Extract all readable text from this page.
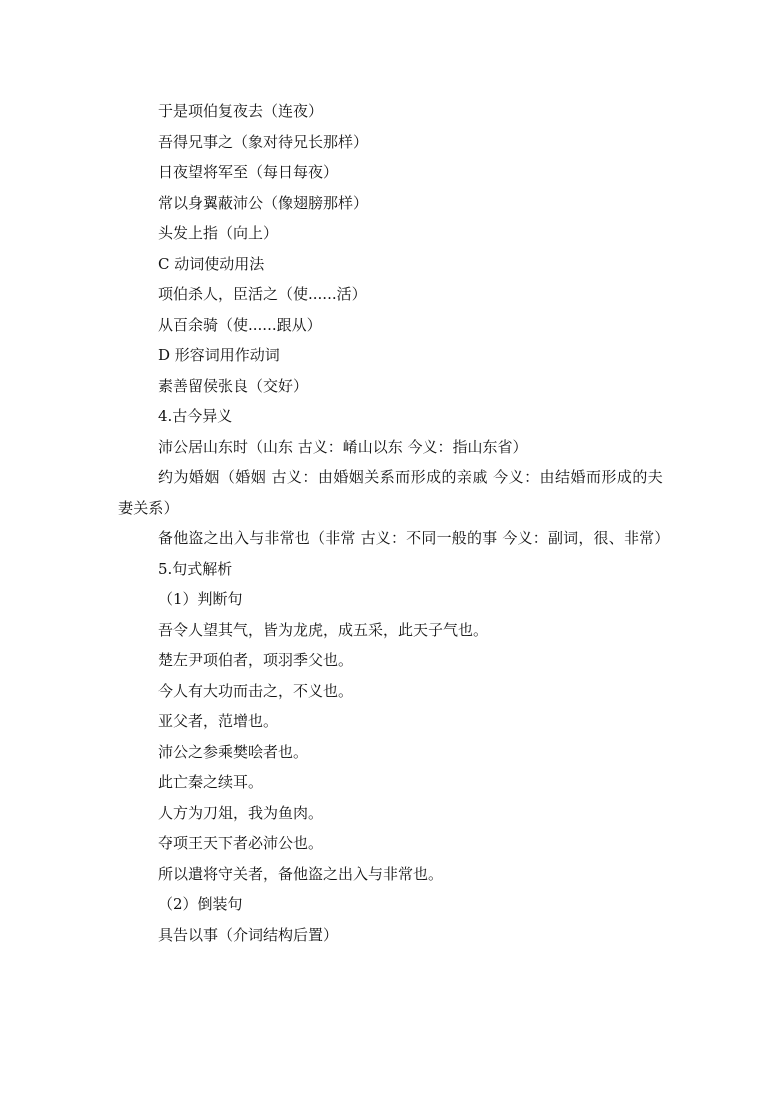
于是项伯复夜去（连夜）
吾得兄事之（象对待兄长那样）
日夜望将军至（每日每夜）
常以身翼蔽沛公（像翅膀那样）
头发上指（向上）
C 动词使动用法
项伯杀人，臣活之（使......活）
从百余骑（使......跟从）
D 形容词用作动词
素善留侯张良（交好）
4.古今异义
沛公居山东时（山东 古义：崤山以东 今义：指山东省）
约为婚姻（婚姻 古义：由婚姻关系而形成的亲戚 今义：由结婚而形成的夫妻关系）
备他盗之出入与非常也（非常 古义：不同一般的事 今义：副词，很、非常）
5.句式解析
（1）判断句
吾令人望其气，皆为龙虎，成五采，此天子气也。
楚左尹项伯者，项羽季父也。
今人有大功而击之，不义也。
亚父者，范增也。
沛公之参乘樊哙者也。
此亡秦之续耳。
人方为刀俎，我为鱼肉。
夺项王天下者必沛公也。
所以遣将守关者，备他盗之出入与非常也。
（2）倒装句
具告以事（介词结构后置）
